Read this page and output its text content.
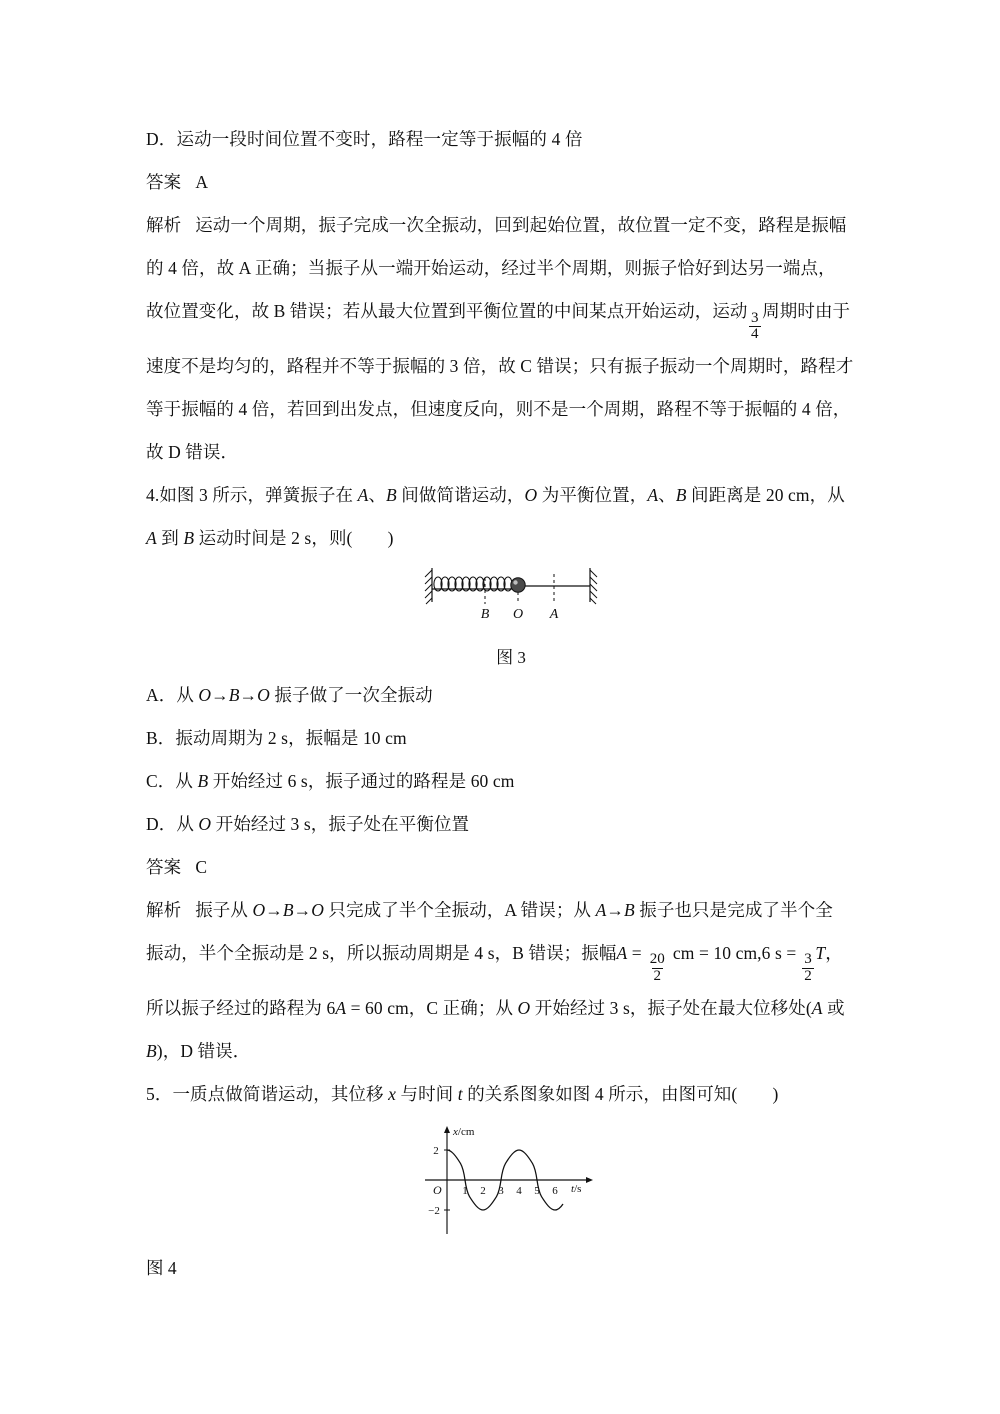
D．运动一段时间位置不变时，路程一定等于振幅的 4 倍
答案 A
解析 运动一个周期，振子完成一次全振动，回到起始位置，故位置一定不变，路程是振幅
的 4 倍，故 A 正确；当振子从一端开始运动，经过半个周期，则振子恰好到达另一端点，
故位置变化，故 B 错误；若从最大位置到平衡位置的中间某点开始运动，运动 $\frac{3}{4}$ 周期时由于
速度不是均匀的，路程并不等于振幅的 3 倍，故 C 错误；只有振子振动一个周期时，路程才
等于振幅的 4 倍，若回到出发点，但速度反向，则不是一个周期，路程不等于振幅的 4 倍，
故 D 错误．
4.如图 3 所示，弹簧振子在 A、B 间做简谐运动，O 为平衡位置，A、B 间距离是 20 cm，从
A 到 B 运动时间是 2 s，则(　　)
B O A
图 3
A．从 O→B→O 振子做了一次全振动
B．振动周期为 2 s，振幅是 10 cm
C．从 B 开始经过 6 s，振子通过的路程是 60 cm
D．从 O 开始经过 3 s，振子处在平衡位置
答案 C
解析 振子从 O→B→O 只完成了半个全振动，A 错误；从 A→B 振子也只是完成了半个全
振动，半个全振动是 2 s，所以振动周期是 4 s，B 错误；振幅$A = \frac{20}{2}$ cm = 10 cm,6 $s = \frac{3}{2}$ T，
所以振子经过的路程为 6A = 60 cm，C 正确；从 O 开始经过 3 s，振子处在最大位移处(A 或
B)，D 错误．
5．一质点做简谐运动，其位移 x 与时间 t 的关系图象如图 4 所示，由图可知(　　)
x/cm
t/s
O
2
−2
1 2 3 4 5 6
图 4
